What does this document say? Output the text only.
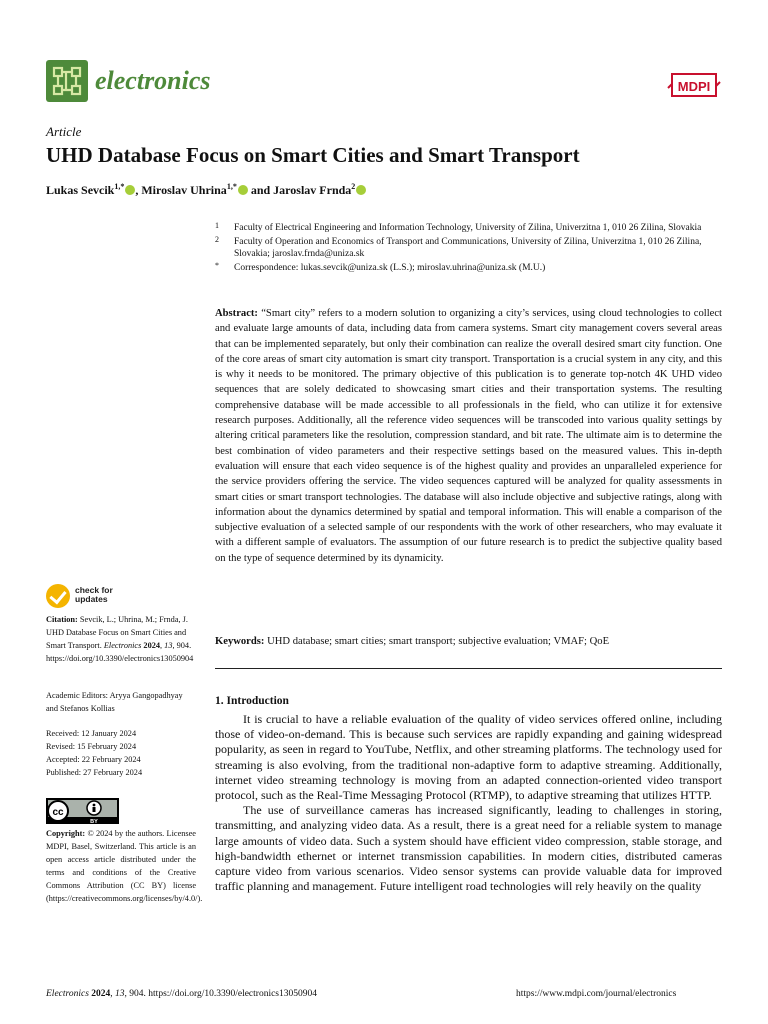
electronics	MDPI
Article
UHD Database Focus on Smart Cities and Smart Transport
Lukas Sevcik$^{1,*}$ , Miroslav Uhrina$^{1,*}$ and Jaroslav Frnda$^2$
1 Faculty of Electrical Engineering and Information Technology, University of Zilina, Univerzitna 1, 010 26 Zilina, Slovakia
2 Faculty of Operation and Economics of Transport and Communications, University of Zilina, Univerzitna 1, 010 26 Zilina, Slovakia; jaroslav.frnda@uniza.sk
* Correspondence: lukas.sevcik@uniza.sk (L.S.); miroslav.uhrina@uniza.sk (M.U.)
Abstract: “Smart city” refers to a modern solution to organizing a city’s services, using cloud technologies to collect and evaluate large amounts of data, including data from camera systems. Smart city management covers several areas that can be implemented separately, but only their combination can realize the overall desired smart city function. One of the core areas of smart city automation is smart city transport. Transportation is a crucial system in any city, and this is why it needs to be monitored. The primary objective of this publication is to generate top-notch 4K UHD video sequences that are solely dedicated to showcasing smart cities and their transportation systems. The resulting comprehensive database will be made accessible to all professionals in the field, who can utilize it for extensive research purposes. Additionally, all the reference video sequences will be transcoded into various quality settings by altering critical parameters like the resolution, compression standard, and bit rate. The ultimate aim is to determine the best combination of video parameters and their respective settings based on the measured values. This in-depth evaluation will ensure that each video sequence is of the highest quality and provides an unparalleled experience for the service providers offering the service. The video sequences captured will be analyzed for quality assessments in smart cities or smart transport technologies. The database will also include objective and subjective ratings, along with information about the dynamics determined by spatial and temporal information. This will enable a comparison of the subjective evaluation of a selected sample of our respondents with the work of other researchers, who may evaluate it with a different sample of evaluators. The assumption of our future research is to predict the subjective quality based on the type of sequence determined by its dynamicity.
Keywords: UHD database; smart cities; smart transport; subjective evaluation; VMAF; QoE
1. Introduction

It is crucial to have a reliable evaluation of the quality of video services offered online, including those of video-on-demand. This is because such services are rapidly expanding and gaining widespread popularity, as seen in regard to YouTube, Netflix, and other streaming platforms. The technology used for streaming is also evolving, from the traditional non-adaptive form to adaptive streaming. Additionally, internet video streaming technology is moving from an adapted connection-oriented video transport protocol, such as the Real-Time Messaging Protocol (RTMP), to adaptive streaming that utilizes HTTP.

The use of surveillance cameras has increased significantly, leading to challenges in storing, transmitting, and analyzing video data. As a result, there is a great need for a reliable system to manage large amounts of video data. Such a system should have efficient video compression, stable storage, and high-bandwidth ethernet or internet transmission capabilities. In modern cities, distributed cameras capture video from various scenarios. Video sensor systems can provide valuable data for improved traffic planning and management. Future intelligent road technologies will rely heavily on the quality

check for
updates
Citation: Sevcik, L.; Uhrina, M.; Frnda, J. UHD Database Focus on Smart Cities and Smart Transport. Electronics 2024, 13, 904. https://doi.org/10.3390/electronics13050904
Academic Editors: Aryya Gangopadhyay and Stefanos Kollias
Received: 12 January 2024
Revised: 15 February 2024
Accepted: 22 February 2024
Published: 27 February 2024
cc
BY
Copyright: © 2024 by the authors. Licensee MDPI, Basel, Switzerland. This article is an open access article distributed under the terms and conditions of the Creative Commons Attribution (CC BY) license (https://creativecommons.org/licenses/by/4.0/).
Electronics 2024, 13, 904. https://doi.org/10.3390/electronics13050904	https://www.mdpi.com/journal/electronics
